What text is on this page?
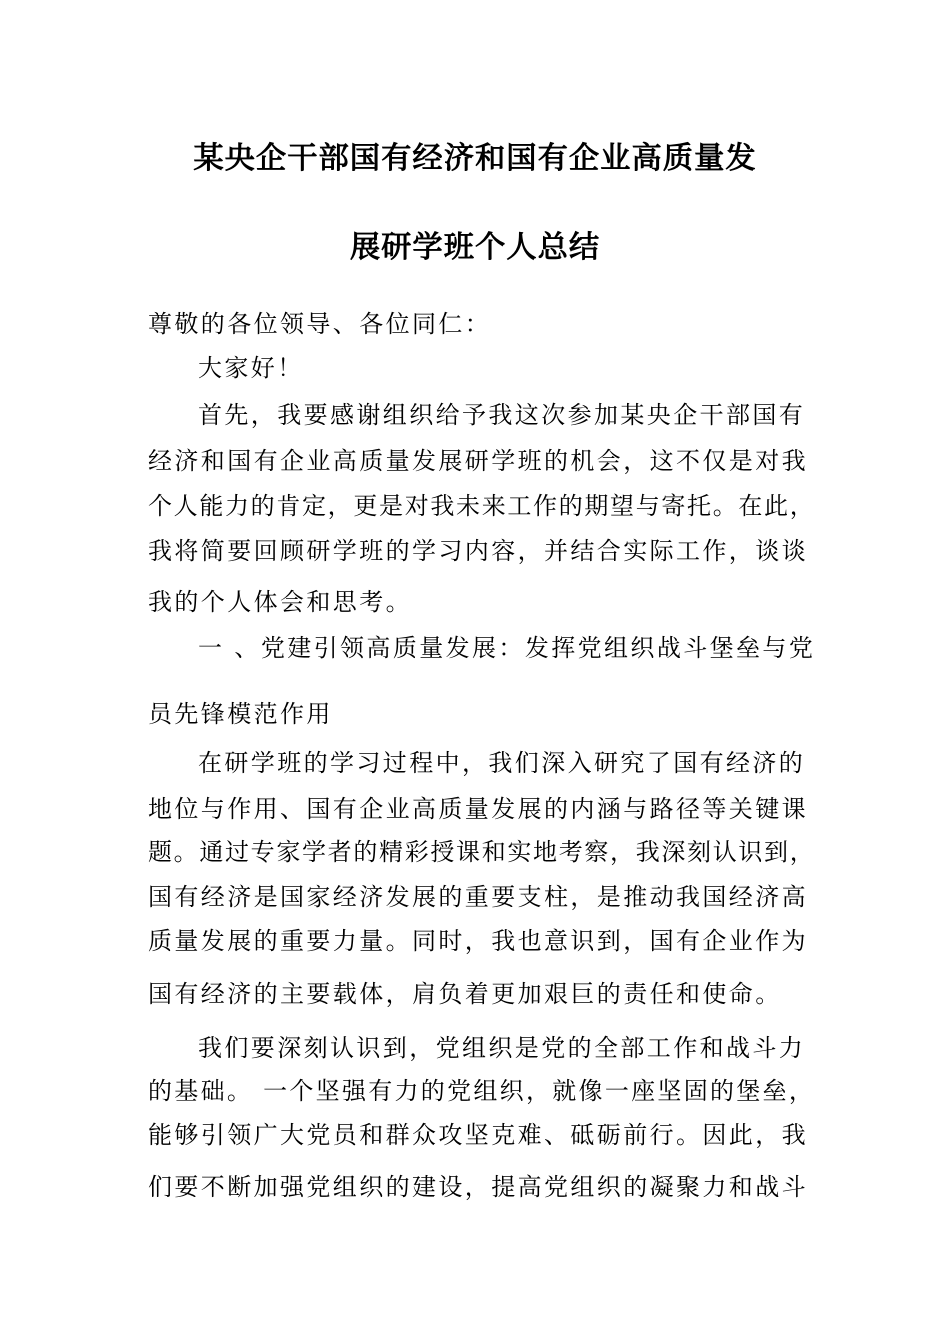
某央企干部国有经济和国有企业高质量发
展研学班个人总结
尊敬的各位领导、各位同仁：
大家好！
首先，我要感谢组织给予我这次参加某央企干部国有
经济和国有企业高质量发展研学班的机会，这不仅是对我
个人能力的肯定，更是对我未来工作的期望与寄托。在此，
我将简要回顾研学班的学习内容，并结合实际工作，谈谈
我的个人体会和思考。
一 、党建引领高质量发展：发挥党组织战斗堡垒与党
员先锋模范作用
在研学班的学习过程中，我们深入研究了国有经济的
地位与作用、国有企业高质量发展的内涵与路径等关键课
题。通过专家学者的精彩授课和实地考察，我深刻认识到，
国有经济是国家经济发展的重要支柱，是推动我国经济高
质量发展的重要力量。同时，我也意识到，国有企业作为
国有经济的主要载体，肩负着更加艰巨的责任和使命。
我们要深刻认识到，党组织是党的全部工作和战斗力
的基础。 一个坚强有力的党组织，就像一座坚固的堡垒，
能够引领广大党员和群众攻坚克难、砥砺前行。因此，我
们要不断加强党组织的建设，提高党组织的凝聚力和战斗
